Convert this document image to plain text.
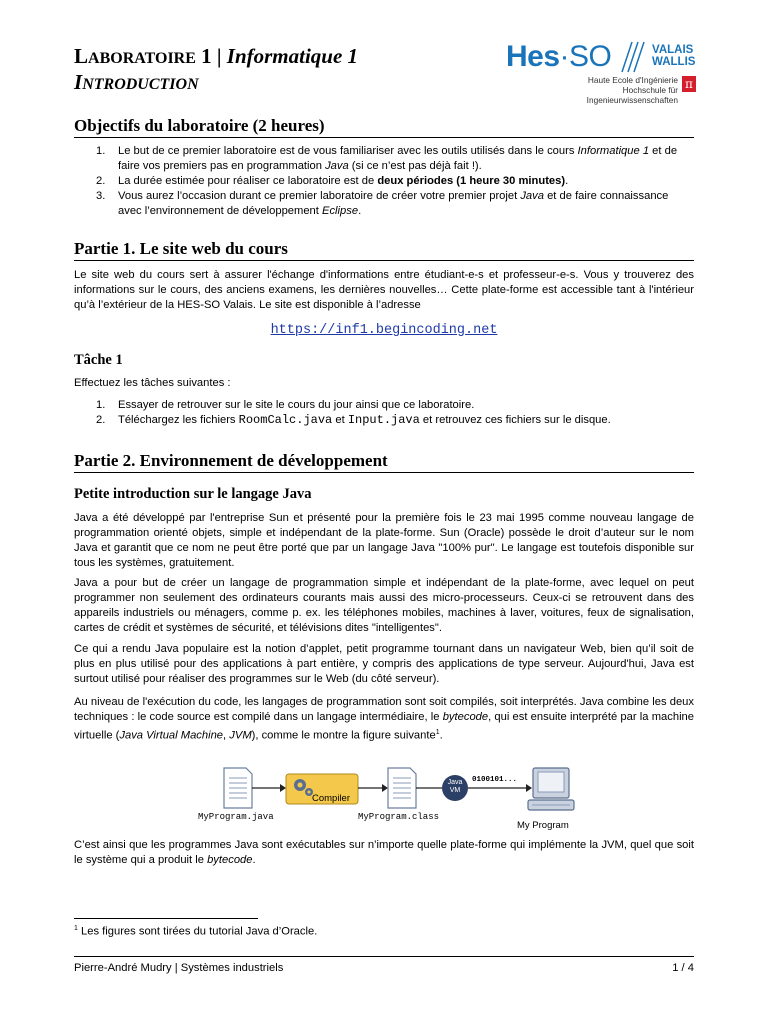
LABORATOIRE 1 | Informatique 1
INTRODUCTION
Hes·SO	VALAIS
WALLIS
Haute Ecole d'Ingénierie
Hochschule für Ingenieurwissenschaften
π
Objectifs du laboratoire (2 heures)
1. Le but de ce premier laboratoire est de vous familiariser avec les outils utilisés dans le cours Informatique 1 et de faire vos premiers pas en programmation Java (si ce n’est pas déjà fait !).
2. La durée estimée pour réaliser ce laboratoire est de deux périodes (1 heure 30 minutes).
3. Vous aurez l’occasion durant ce premier laboratoire de créer votre premier projet Java et de faire connaissance avec l’environnement de développement Eclipse.
Partie 1. Le site web du cours
Le site web du cours sert à assurer l'échange d'informations entre étudiant-e-s et professeur-e-s. Vous y trouverez des informations sur le cours, des anciens examens, les dernières nouvelles… Cette plate-forme est accessible tant à l'intérieur qu’à l’extérieur de la HES-SO Valais. Le site est disponible à l’adresse
https://inf1.begincoding.net
Tâche 1
Effectuez les tâches suivantes :
1. Essayer de retrouver sur le site le cours du jour ainsi que ce laboratoire.
2. Téléchargez les fichiers RoomCalc.java et Input.java et retrouvez ces fichiers sur le disque.
Partie 2. Environnement de développement
Petite introduction sur le langage Java
Java a été développé par l'entreprise Sun et présenté pour la première fois le 23 mai 1995 comme nouveau langage de programmation orienté objets, simple et indépendant de la plate-forme. Sun (Oracle) possède le droit d’auteur sur le nom Java et garantit que ce nom ne peut être porté que par un langage Java "100% pur". Le langage est toutefois disponible sur tous les systèmes, gratuitement.
Java a pour but de créer un langage de programmation simple et indépendant de la plate-forme, avec lequel on peut programmer non seulement des ordinateurs courants mais aussi des micro-processeurs. Ceux-ci se retrouvent dans des appareils industriels ou ménagers, comme p. ex. les téléphones mobiles, machines à laver, voitures, feux de signalisation, cartes de crédit et systèmes de sécurité, et télévisions dites "intelligentes".
Ce qui a rendu Java populaire est la notion d’applet, petit programme tournant dans un navigateur Web, bien qu’il soit de plus en plus utilisé pour des applications à part entière, y compris des applications de type serveur. Aujourd'hui, Java est surtout utilisé pour réaliser des programmes sur le Web (du côté serveur).
Au niveau de l'exécution du code, les langages de programmation sont soit compilés, soit interprétés. Java combine les deux techniques : le code source est compilé dans un langage intermédiaire, le bytecode, qui est ensuite interprété par la machine virtuelle (Java Virtual Machine, JVM), comme le montre la figure suivante$^1$.
MyProgram.java
Compiler
MyProgram.class
Java
VM
0100101...
My Program
C’est ainsi que les programmes Java sont exécutables sur n’importe quelle plate-forme qui implémente la JVM, quel que soit le système qui a produit le bytecode.
$^1$ Les figures sont tirées du tutorial Java d’Oracle.
Pierre-André Mudry | Systèmes industriels	1 / 4
